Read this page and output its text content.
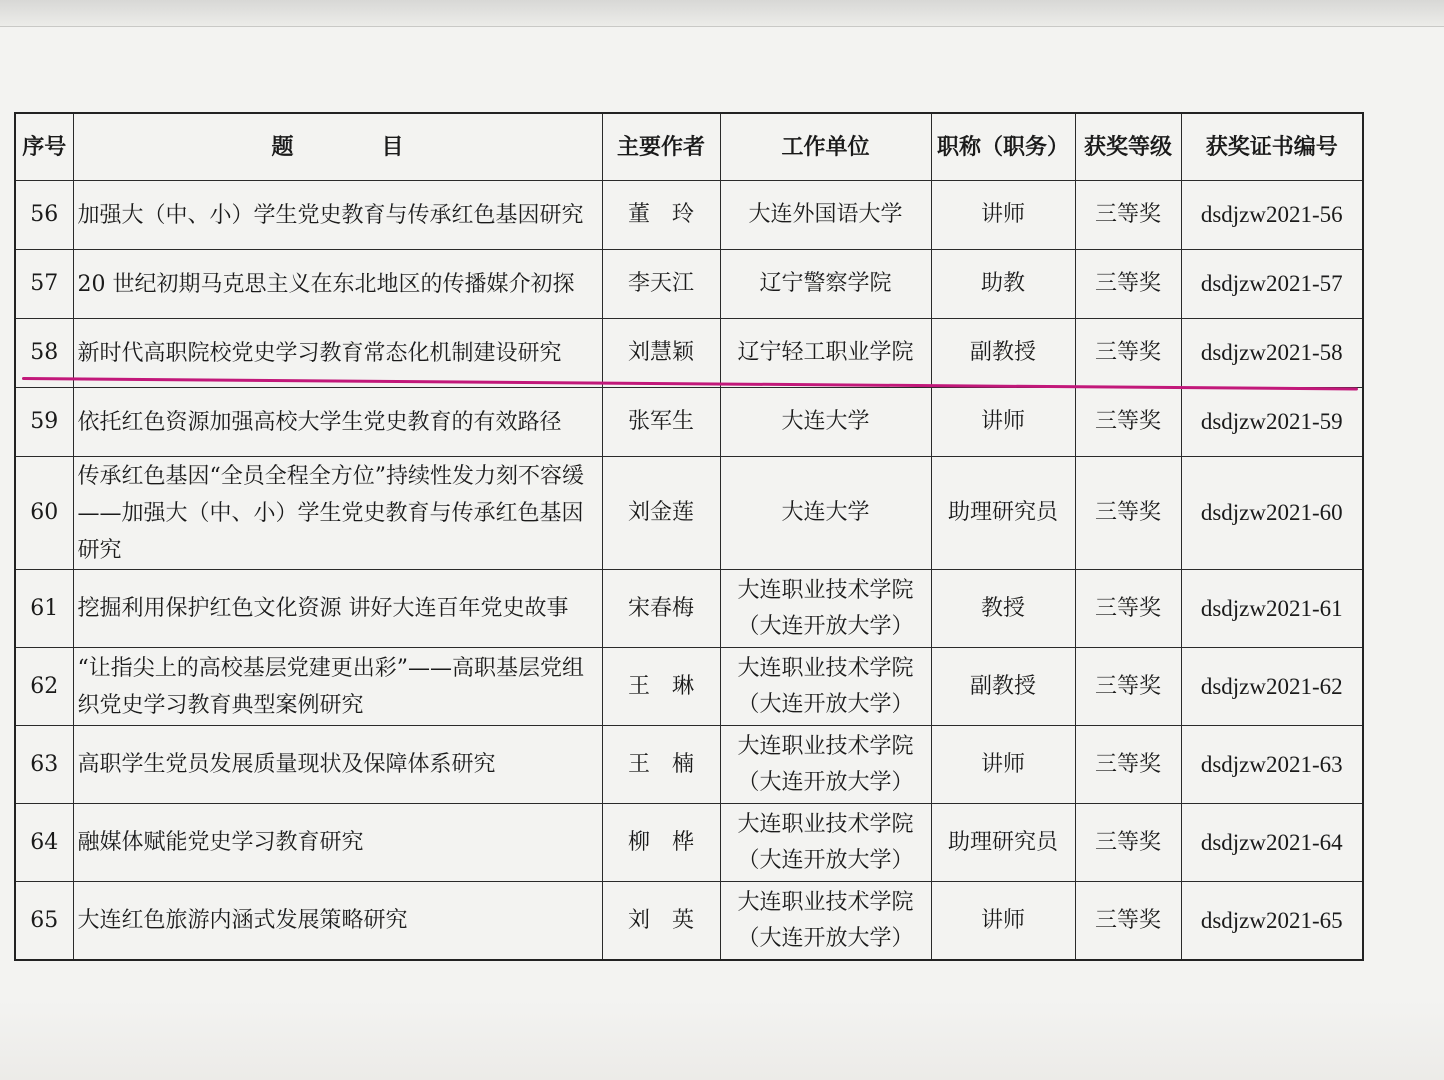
序号	题　　　　目	主要作者	工作单位	职称（职务）	获奖等级	获奖证书编号
56	加强大（中、小）学生党史教育与传承红色基因研究	董　玲	大连外国语大学	讲师	三等奖	dsdjzw2021-56
57	20 世纪初期马克思主义在东北地区的传播媒介初探	李天江	辽宁警察学院	助教	三等奖	dsdjzw2021-57
58	新时代高职院校党史学习教育常态化机制建设研究	刘慧颖	辽宁轻工职业学院	副教授	三等奖	dsdjzw2021-58
59	依托红色资源加强高校大学生党史教育的有效路径	张军生	大连大学	讲师	三等奖	dsdjzw2021-59
60	传承红色基因“全员全程全方位”持续性发力刻不容缓——加强大（中、小）学生党史教育与传承红色基因研究	刘金莲	大连大学	助理研究员	三等奖	dsdjzw2021-60
61	挖掘利用保护红色文化资源 讲好大连百年党史故事	宋春梅	大连职业技术学院（大连开放大学）	教授	三等奖	dsdjzw2021-61
62	“让指尖上的高校基层党建更出彩”——高职基层党组织党史学习教育典型案例研究	王　琳	大连职业技术学院（大连开放大学）	副教授	三等奖	dsdjzw2021-62
63	高职学生党员发展质量现状及保障体系研究	王　楠	大连职业技术学院（大连开放大学）	讲师	三等奖	dsdjzw2021-63
64	融媒体赋能党史学习教育研究	柳　桦	大连职业技术学院（大连开放大学）	助理研究员	三等奖	dsdjzw2021-64
65	大连红色旅游内涵式发展策略研究	刘　英	大连职业技术学院（大连开放大学）	讲师	三等奖	dsdjzw2021-65
